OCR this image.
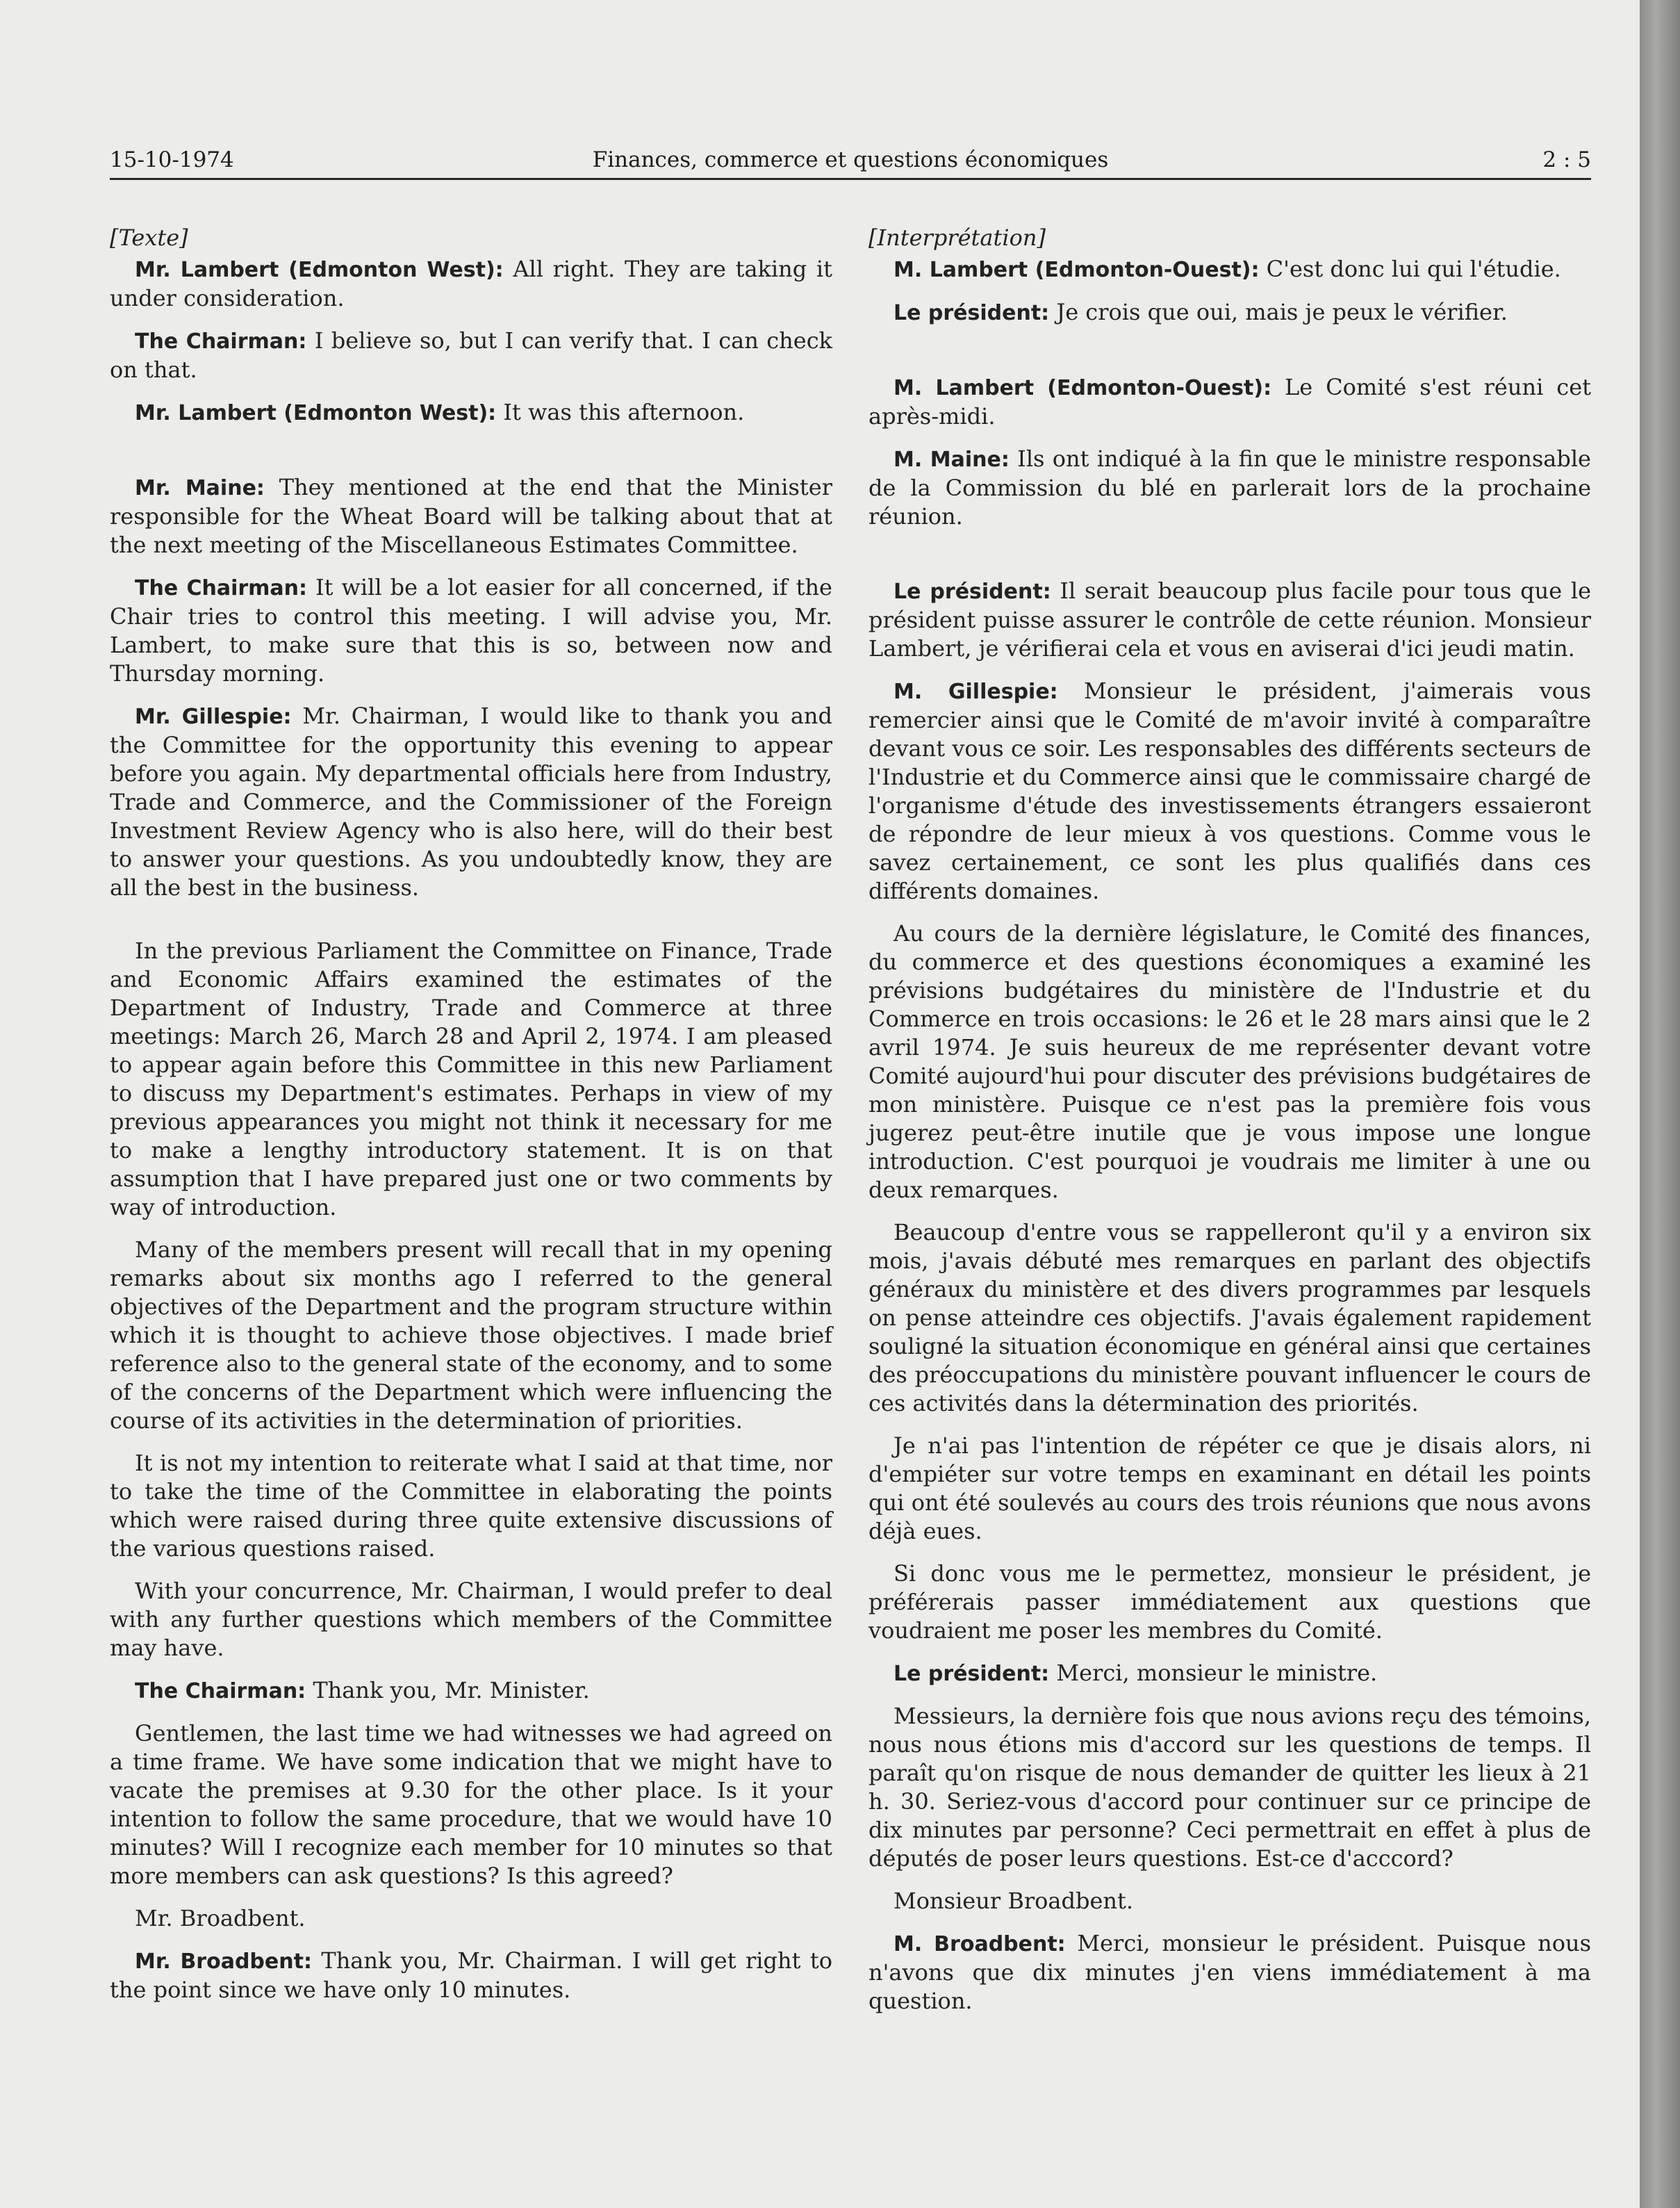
15-10-1974	Finances, commerce et questions économiques	2 : 5

[Texte]

Mr. Lambert (Edmonton West): All right. They are taking it under consideration.

The Chairman: I believe so, but I can verify that. I can check on that.

Mr. Lambert (Edmonton West): It was this afternoon.

Mr. Maine: They mentioned at the end that the Minister responsible for the Wheat Board will be talking about that at the next meeting of the Miscellaneous Estimates Committee.

The Chairman: It will be a lot easier for all concerned, if the Chair tries to control this meeting. I will advise you, Mr. Lambert, to make sure that this is so, between now and Thursday morning.

Mr. Gillespie: Mr. Chairman, I would like to thank you and the Committee for the opportunity this evening to appear before you again. My departmental officials here from Industry, Trade and Commerce, and the Commissioner of the Foreign Investment Review Agency who is also here, will do their best to answer your questions. As you undoubtedly know, they are all the best in the business.

In the previous Parliament the Committee on Finance, Trade and Economic Affairs examined the estimates of the Department of Industry, Trade and Commerce at three meetings: March 26, March 28 and April 2, 1974. I am pleased to appear again before this Committee in this new Parliament to discuss my Department's estimates. Perhaps in view of my previous appearances you might not think it necessary for me to make a lengthy introductory statement. It is on that assumption that I have prepared just one or two comments by way of introduction.

Many of the members present will recall that in my opening remarks about six months ago I referred to the general objectives of the Department and the program structure within which it is thought to achieve those objectives. I made brief reference also to the general state of the economy, and to some of the concerns of the Department which were influencing the course of its activities in the determination of priorities.

It is not my intention to reiterate what I said at that time, nor to take the time of the Committee in elaborating the points which were raised during three quite extensive discussions of the various questions raised.

With your concurrence, Mr. Chairman, I would prefer to deal with any further questions which members of the Committee may have.

The Chairman: Thank you, Mr. Minister.

Gentlemen, the last time we had witnesses we had agreed on a time frame. We have some indication that we might have to vacate the premises at 9.30 for the other place. Is it your intention to follow the same procedure, that we would have 10 minutes? Will I recognize each member for 10 minutes so that more members can ask questions? Is this agreed?

Mr. Broadbent.

Mr. Broadbent: Thank you, Mr. Chairman. I will get right to the point since we have only 10 minutes.

[Interprétation]

M. Lambert (Edmonton-Ouest): C'est donc lui qui l'étudie.

Le président: Je crois que oui, mais je peux le vérifier.

M. Lambert (Edmonton-Ouest): Le Comité s'est réuni cet après-midi.

M. Maine: Ils ont indiqué à la fin que le ministre responsable de la Commission du blé en parlerait lors de la prochaine réunion.

Le président: Il serait beaucoup plus facile pour tous que le président puisse assurer le contrôle de cette réunion. Monsieur Lambert, je vérifierai cela et vous en aviserai d'ici jeudi matin.

M. Gillespie: Monsieur le président, j'aimerais vous remercier ainsi que le Comité de m'avoir invité à comparaître devant vous ce soir. Les responsables des différents secteurs de l'Industrie et du Commerce ainsi que le commissaire chargé de l'organisme d'étude des investissements étrangers essaieront de répondre de leur mieux à vos questions. Comme vous le savez certainement, ce sont les plus qualifiés dans ces différents domaines.

Au cours de la dernière législature, le Comité des finances, du commerce et des questions économiques a examiné les prévisions budgétaires du ministère de l'Industrie et du Commerce en trois occasions: le 26 et le 28 mars ainsi que le 2 avril 1974. Je suis heureux de me représenter devant votre Comité aujourd'hui pour discuter des prévisions budgétaires de mon ministère. Puisque ce n'est pas la première fois vous jugerez peut-être inutile que je vous impose une longue introduction. C'est pourquoi je voudrais me limiter à une ou deux remarques.

Beaucoup d'entre vous se rappelleront qu'il y a environ six mois, j'avais débuté mes remarques en parlant des objectifs généraux du ministère et des divers programmes par lesquels on pense atteindre ces objectifs. J'avais également rapidement souligné la situation économique en général ainsi que certaines des préoccupations du ministère pouvant influencer le cours de ces activités dans la détermination des priorités.

Je n'ai pas l'intention de répéter ce que je disais alors, ni d'empiéter sur votre temps en examinant en détail les points qui ont été soulevés au cours des trois réunions que nous avons déjà eues.

Si donc vous me le permettez, monsieur le président, je préférerais passer immédiatement aux questions que voudraient me poser les membres du Comité.

Le président: Merci, monsieur le ministre.

Messieurs, la dernière fois que nous avions reçu des témoins, nous nous étions mis d'accord sur les questions de temps. Il paraît qu'on risque de nous demander de quitter les lieux à 21 h. 30. Seriez-vous d'accord pour continuer sur ce principe de dix minutes par personne? Ceci permettrait en effet à plus de députés de poser leurs questions. Est-ce d'acccord?

Monsieur Broadbent.

M. Broadbent: Merci, monsieur le président. Puisque nous n'avons que dix minutes j'en viens immédiatement à ma question.
